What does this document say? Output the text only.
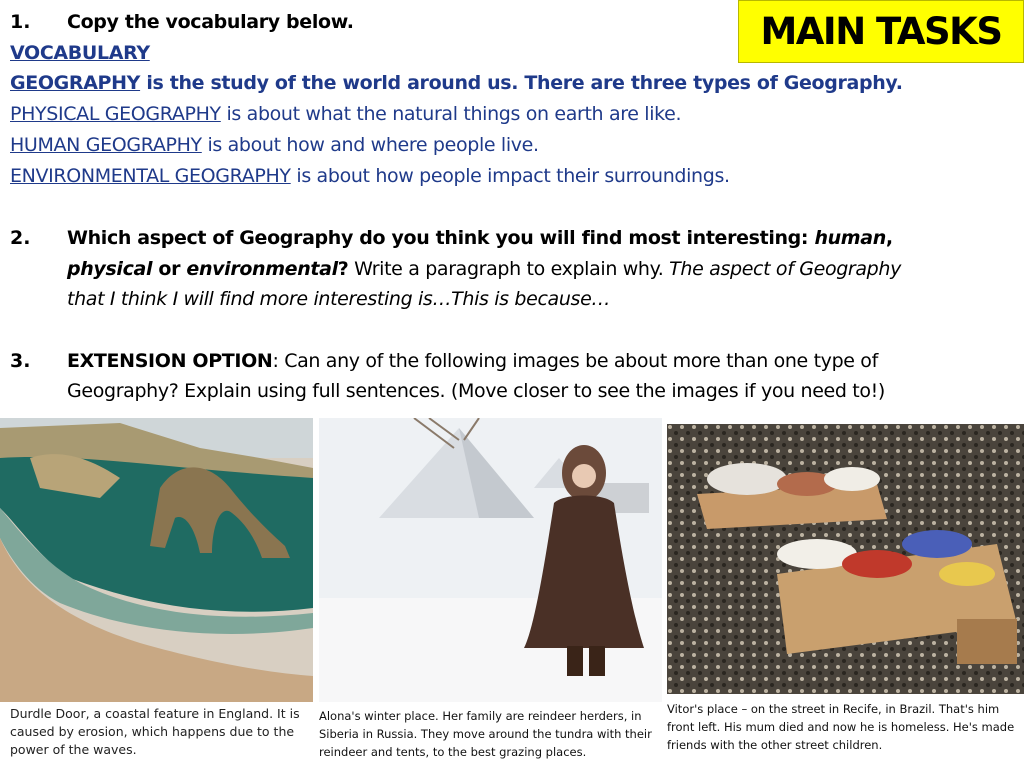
MAIN TASKS
1. Copy the vocabulary below.
VOCABULARY
GEOGRAPHY is the study of the world around us. There are three types of Geography.
PHYSICAL GEOGRAPHY is about what the natural things on earth are like.
HUMAN GEOGRAPHY is about how and where people live.
ENVIRONMENTAL GEOGRAPHY is about how people impact their surroundings.
2. Which aspect of Geography do you think you will find most interesting: human,
physical or environmental? Write a paragraph to explain why. The aspect of Geography
that I think I will find more interesting is…This is because…
3. EXTENSION OPTION: Can any of the following images be about more than one type of
Geography? Explain using full sentences. (Move closer to see the images if you need to!)
Durdle Door, a coastal feature in England. It is caused by erosion, which happens due to the power of the waves.
Alona's winter place. Her family are reindeer herders, in Siberia in Russia. They move around the tundra with their reindeer and tents, to the best grazing places.
Vitor's place – on the street in Recife, in Brazil. That's him front left. His mum died and now he is homeless. He's made friends with the other street children.
